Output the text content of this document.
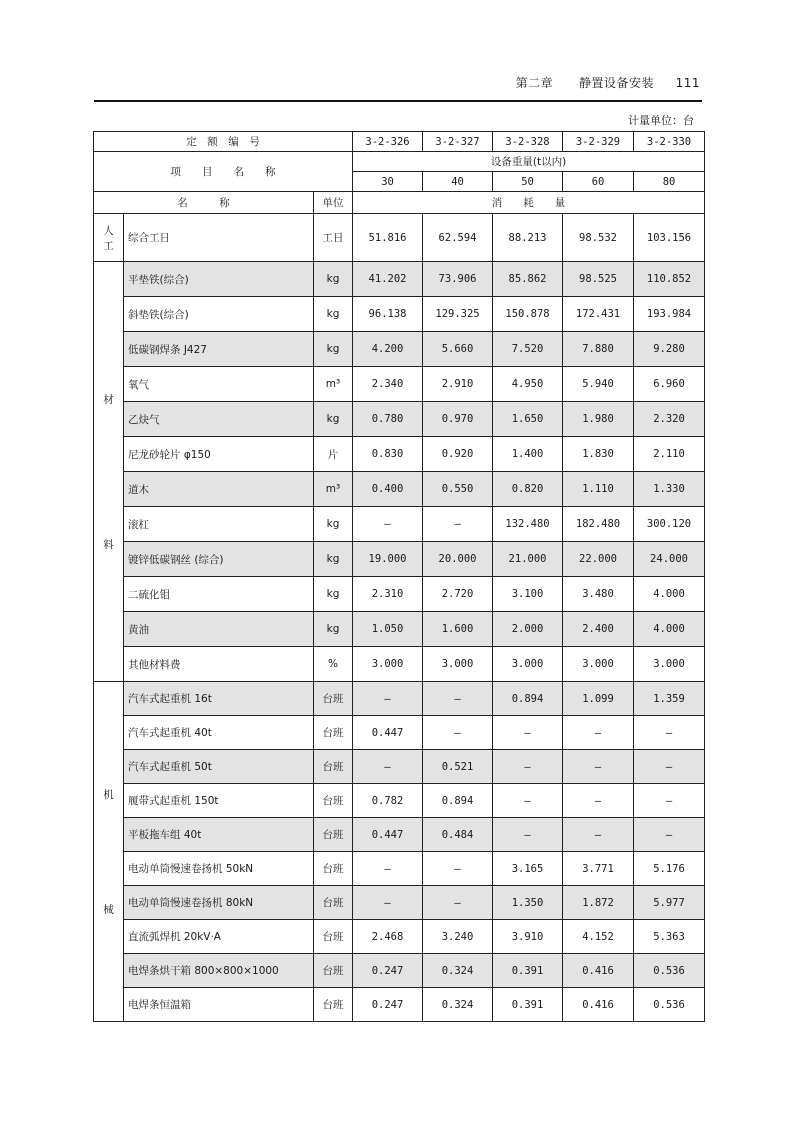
第二章 静置设备安装 111
计量单位：台
定　额　编　号			3-2-326	3-2-327	3-2-328	3-2-329	3-2-330
项　　目　　名　　称			设备重量(t以内)				
			30	40	50	60	80
名　　　称		单位	消　　耗　　量				

人
工	综合工日	工日	51.816	62.594	88.213	98.532	103.156

材
料	平垫铁(综合)	kg	41.202	73.906	85.862	98.525	110.852
	斜垫铁(综合)	kg	96.138	129.325	150.878	172.431	193.984
	低碳钢焊条 J427	kg	4.200	5.660	7.520	7.880	9.280
	氧气	m³	2.340	2.910	4.950	5.940	6.960
	乙炔气	kg	0.780	0.970	1.650	1.980	2.320
	尼龙砂轮片 φ150	片	0.830	0.920	1.400	1.830	2.110
	道木	m³	0.400	0.550	0.820	1.110	1.330
	滚杠	kg	—	—	132.480	182.480	300.120
	镀锌低碳钢丝 (综合)	kg	19.000	20.000	21.000	22.000	24.000
	二硫化钼	kg	2.310	2.720	3.100	3.480	4.000
	黄油	kg	1.050	1.600	2.000	2.400	4.000
	其他材料费	%	3.000	3.000	3.000	3.000	3.000

机
械	汽车式起重机 16t	台班	—	—	0.894	1.099	1.359
	汽车式起重机 40t	台班	0.447	—	—	—	—
	汽车式起重机 50t	台班	—	0.521	—	—	—
	履带式起重机 150t	台班	0.782	0.894	—	—	—
	平板拖车组 40t	台班	0.447	0.484	—	—	—
	电动单筒慢速卷扬机 50kN	台班	—	—	3.165	3.771	5.176
	电动单筒慢速卷扬机 80kN	台班	—	—	1.350	1.872	5.977
	直流弧焊机 20kV·A	台班	2.468	3.240	3.910	4.152	5.363
	电焊条烘干箱 800×800×1000	台班	0.247	0.324	0.391	0.416	0.536
	电焊条恒温箱	台班	0.247	0.324	0.391	0.416	0.536
